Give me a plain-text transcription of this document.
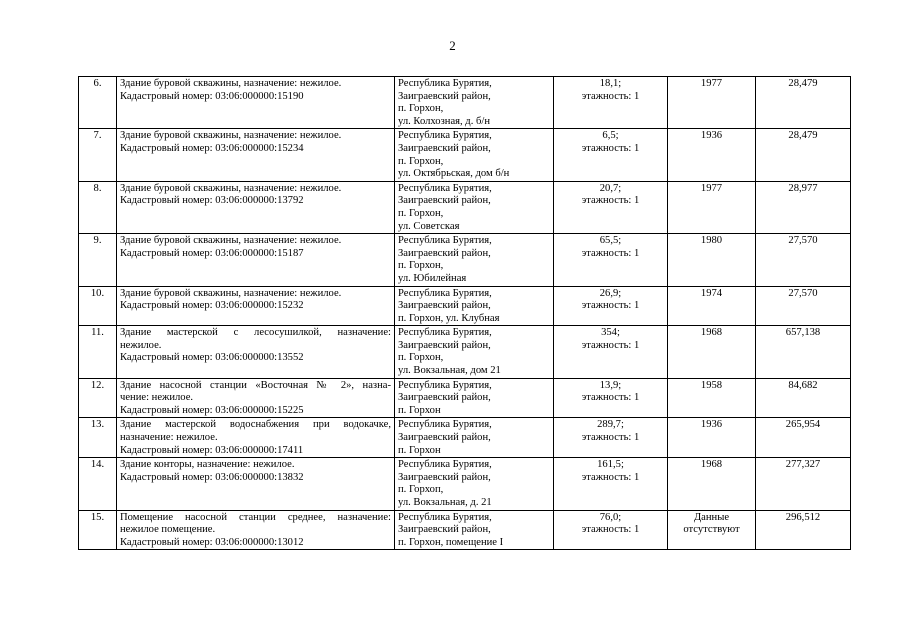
2
6.	Здание буровой скважины, назначение: нежилое.
Кадастровый номер: 03:06:000000:15190	Республика Бурятия,
Заиграевский район,
п. Горхон,
ул. Колхозная, д. б/н	18,1;
этажность: 1	1977	28,479
7.	Здание буровой скважины, назначение: нежилое.
Кадастровый номер: 03:06:000000:15234	Республика Бурятия,
Заиграевский район,
п. Горхон,
ул. Октябрьская, дом б/н	6,5;
этажность: 1	1936	28,479
8.	Здание буровой скважины, назначение: нежилое.
Кадастровый номер: 03:06:000000:13792	Республика Бурятия,
Заиграевский район,
п. Горхон,
ул. Советская	20,7;
этажность: 1	1977	28,977
9.	Здание буровой скважины, назначение: нежилое.
Кадастровый номер: 03:06:000000:15187	Республика Бурятия,
Заиграевский район,
п. Горхон,
ул. Юбилейная	65,5;
этажность: 1	1980	27,570
10.	Здание буровой скважины, назначение: нежилое.
Кадастровый номер: 03:06:000000:15232	Республика Бурятия,
Заиграевский район,
п. Горхон, ул. Клубная	26,9;
этажность: 1	1974	27,570
11.	Здание мастерской с лесосушилкой, назначение:
нежилое.
Кадастровый номер: 03:06:000000:13552	Республика Бурятия,
Заиграевский район,
п. Горхон,
ул. Вокзальная, дом 21	354;
этажность: 1	1968	657,138
12.	Здание насосной станции «Восточная № 2», назна-
чение: нежилое.
Кадастровый номер: 03:06:000000:15225	Республика Бурятия,
Заиграевский район,
п. Горхон	13,9;
этажность: 1	1958	84,682
13.	Здание мастерской водоснабжения при водокачке,
назначение: нежилое.
Кадастровый номер: 03:06:000000:17411	Республика Бурятия,
Заиграевский район,
п. Горхон	289,7;
этажность: 1	1936	265,954
14.	Здание конторы, назначение: нежилое.
Кадастровый номер: 03:06:000000:13832	Республика Бурятия,
Заиграевский район,
п. Горхоп,
ул. Вокзальная, д. 21	161,5;
этажность: 1	1968	277,327
15.	Помещение насосной станции среднее, назначение:
нежилое помещение.
Кадастровый номер: 03:06:000000:13012	Республика Бурятия,
Заиграевский район,
п. Горхон, помещение I	76,0;
этажность: 1	Данные
отсутствуют	296,512
